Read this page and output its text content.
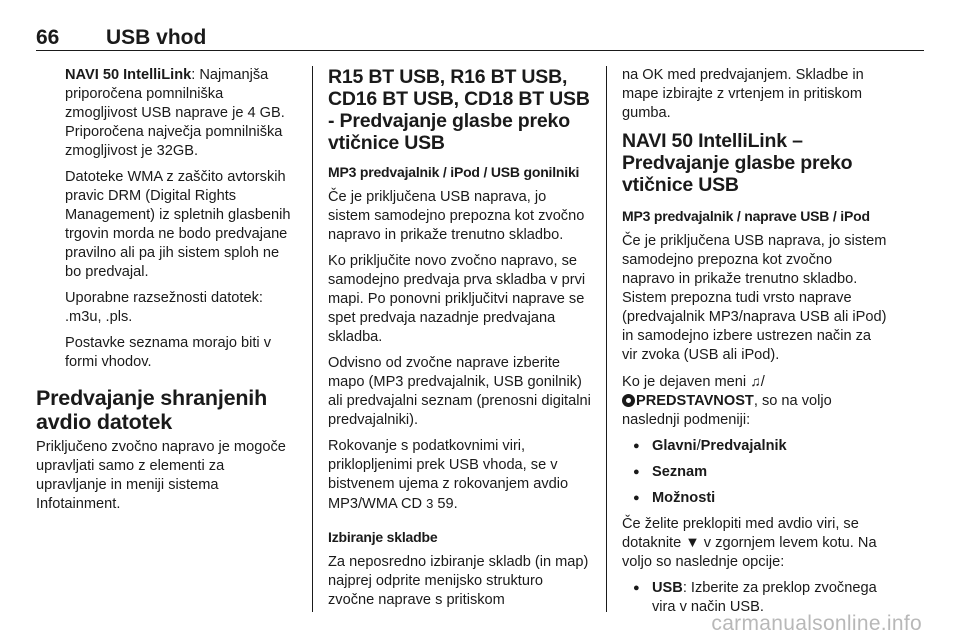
66 USB vhod

NAVI 50 IntelliLink: Najmanjša priporočena pomnilniška zmogljivost USB naprave je 4 GB. Priporočena največja pomnilniška zmogljivost je 32GB.

Datoteke WMA z zaščito avtorskih pravic DRM (Digital Rights Management) iz spletnih glasbenih trgovin morda ne bodo predvajane pravilno ali pa jih sistem sploh ne bo predvajal.

Uporabne razsežnosti datotek: .m3u, .pls.

Postavke seznama morajo biti v formi vhodov.

Predvajanje shranjenih avdio datotek

Priključeno zvočno napravo je mogoče upravljati samo z elementi za upravljanje in meniji sistema Infotainment.

R15 BT USB, R16 BT USB, CD16 BT USB, CD18 BT USB - Predvajanje glasbe preko vtičnice USB

MP3 predvajalnik / iPod / USB gonilniki

Če je priključena USB naprava, jo sistem samodejno prepozna kot zvočno napravo in prikaže trenutno skladbo.

Ko priključite novo zvočno napravo, se samodejno predvaja prva skladba v prvi mapi. Po ponovni priključitvi naprave se spet predvaja nazadnje predvajana skladba.

Odvisno od zvočne naprave izberite mapo (MP3 predvajalnik, USB gonilnik) ali predvajalni seznam (prenosni digitalni predvajalniki).

Rokovanje s podatkovnimi viri, priklopljenimi prek USB vhoda, se v bistvenem ujema z rokovanjem avdio MP3/WMA CD 3 59.

Izbiranje skladbe

Za neposredno izbiranje skladb (in map) najprej odprite menijsko strukturo zvočne naprave s pritiskom

na OK med predvajanjem. Skladbe in mape izbirajte z vrtenjem in pritiskom gumba.

NAVI 50 IntelliLink – Predvajanje glasbe preko vtičnice USB

MP3 predvajalnik / naprave USB / iPod

Če je priključena USB naprava, jo sistem samodejno prepozna kot zvočno napravo in prikaže trenutno skladbo. Sistem prepozna tudi vrsto naprave (predvajalnik MP3/naprava USB ali iPod) in samodejno izbere ustrezen način za vir zvoka (USB ali iPod).

Ko je dejaven meni ♫/
PREDSTAVNOST, so na voljo naslednji podmeniji:

● Glavni/Predvajalnik
● Seznam
● Možnosti

Če želite preklopiti med avdio viri, se dotaknite ▼ v zgornjem levem kotu. Na voljo so naslednje opcije:

● USB: Izberite za preklop zvočnega vira v način USB.
carmanualsonline.info
